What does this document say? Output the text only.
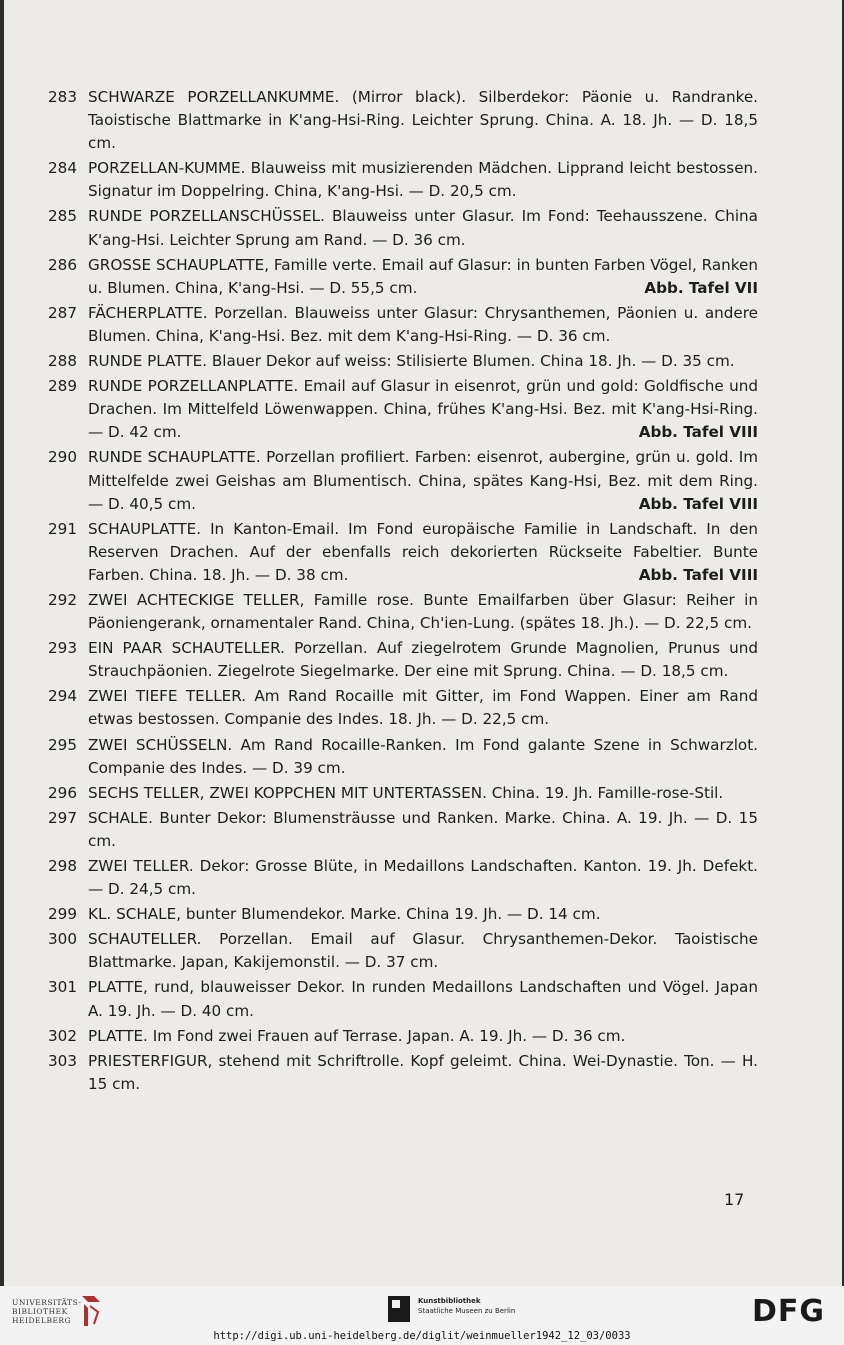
283 SCHWARZE PORZELLANKUMME. (Mirror black). Silberdekor: Päonie u. Randranke. Taoistische Blattmarke in K'ang-Hsi-Ring. Leichter Sprung. China. A. 18. Jh. — D. 18,5 cm.
284 PORZELLAN-KUMME. Blauweiss mit musizierenden Mädchen. Lipprand leicht bestossen. Signatur im Doppelring. China, K'ang-Hsi. — D. 20,5 cm.
285 RUNDE PORZELLANSCHÜSSEL. Blauweiss unter Glasur. Im Fond: Teehausszene. China K'ang-Hsi. Leichter Sprung am Rand. — D. 36 cm.
286 GROSSE SCHAUPLATTE, Famille verte. Email auf Glasur: in bunten Farben Vögel, Ranken u. Blumen. China, K'ang-Hsi. — D. 55,5 cm.	Abb. Tafel VII
287 FÄCHERPLATTE. Porzellan. Blauweiss unter Glasur: Chrysanthemen, Päonien u. andere Blumen. China, K'ang-Hsi. Bez. mit dem K'ang-Hsi-Ring. — D. 36 cm.
288 RUNDE PLATTE. Blauer Dekor auf weiss: Stilisierte Blumen. China 18. Jh. — D. 35 cm.
289 RUNDE PORZELLANPLATTE. Email auf Glasur in eisenrot, grün und gold: Goldfische und Drachen. Im Mittelfeld Löwenwappen. China, frühes K'ang-Hsi. Bez. mit K'ang-Hsi-Ring. — D. 42 cm.	Abb. Tafel VIII
290 RUNDE SCHAUPLATTE. Porzellan profiliert. Farben: eisenrot, aubergine, grün u. gold. Im Mittelfelde zwei Geishas am Blumentisch. China, spätes Kang-Hsi, Bez. mit dem Ring. — D. 40,5 cm.	Abb. Tafel VIII
291 SCHAUPLATTE. In Kanton-Email. Im Fond europäische Familie in Landschaft. In den Reserven Drachen. Auf der ebenfalls reich dekorierten Rückseite Fabeltier. Bunte Farben. China. 18. Jh. — D. 38 cm.	Abb. Tafel VIII
292 ZWEI ACHTECKIGE TELLER, Famille rose. Bunte Emailfarben über Glasur: Reiher in Päoniengerank, ornamentaler Rand. China, Ch'ien-Lung. (spätes 18. Jh.). — D. 22,5 cm.
293 EIN PAAR SCHAUTELLER. Porzellan. Auf ziegelrotem Grunde Magnolien, Prunus und Strauchpäonien. Ziegelrote Siegelmarke. Der eine mit Sprung. China. — D. 18,5 cm.
294 ZWEI TIEFE TELLER. Am Rand Rocaille mit Gitter, im Fond Wappen. Einer am Rand etwas bestossen. Companie des Indes. 18. Jh. — D. 22,5 cm.
295 ZWEI SCHÜSSELN. Am Rand Rocaille-Ranken. Im Fond galante Szene in Schwarzlot. Companie des Indes. — D. 39 cm.
296 SECHS TELLER, ZWEI KOPPCHEN MIT UNTERTASSEN. China. 19. Jh. Famille-rose-Stil.
297 SCHALE. Bunter Dekor: Blumensträusse und Ranken. Marke. China. A. 19. Jh. — D. 15 cm.
298 ZWEI TELLER. Dekor: Grosse Blüte, in Medaillons Landschaften. Kanton. 19. Jh. Defekt. — D. 24,5 cm.
299 KL. SCHALE, bunter Blumendekor. Marke. China 19. Jh. — D. 14 cm.
300 SCHAUTELLER. Porzellan. Email auf Glasur. Chrysanthemen-Dekor. Taoistische Blattmarke. Japan, Kakijemonstil. — D. 37 cm.
301 PLATTE, rund, blauweisser Dekor. In runden Medaillons Landschaften und Vögel. Japan A. 19. Jh. — D. 40 cm.
302 PLATTE. Im Fond zwei Frauen auf Terrase. Japan. A. 19. Jh. — D. 36 cm.
303 PRIESTERFIGUR, stehend mit Schriftrolle. Kopf geleimt. China. Wei-Dynastie. Ton. — H. 15 cm.
17
UNIVERSITÄTS-
BIBLIOTHEK
HEIDELBERG
Kunstbibliothek
Staatliche Museen zu Berlin	DFG
http://digi.ub.uni-heidelberg.de/diglit/weinmueller1942_12_03/0033
